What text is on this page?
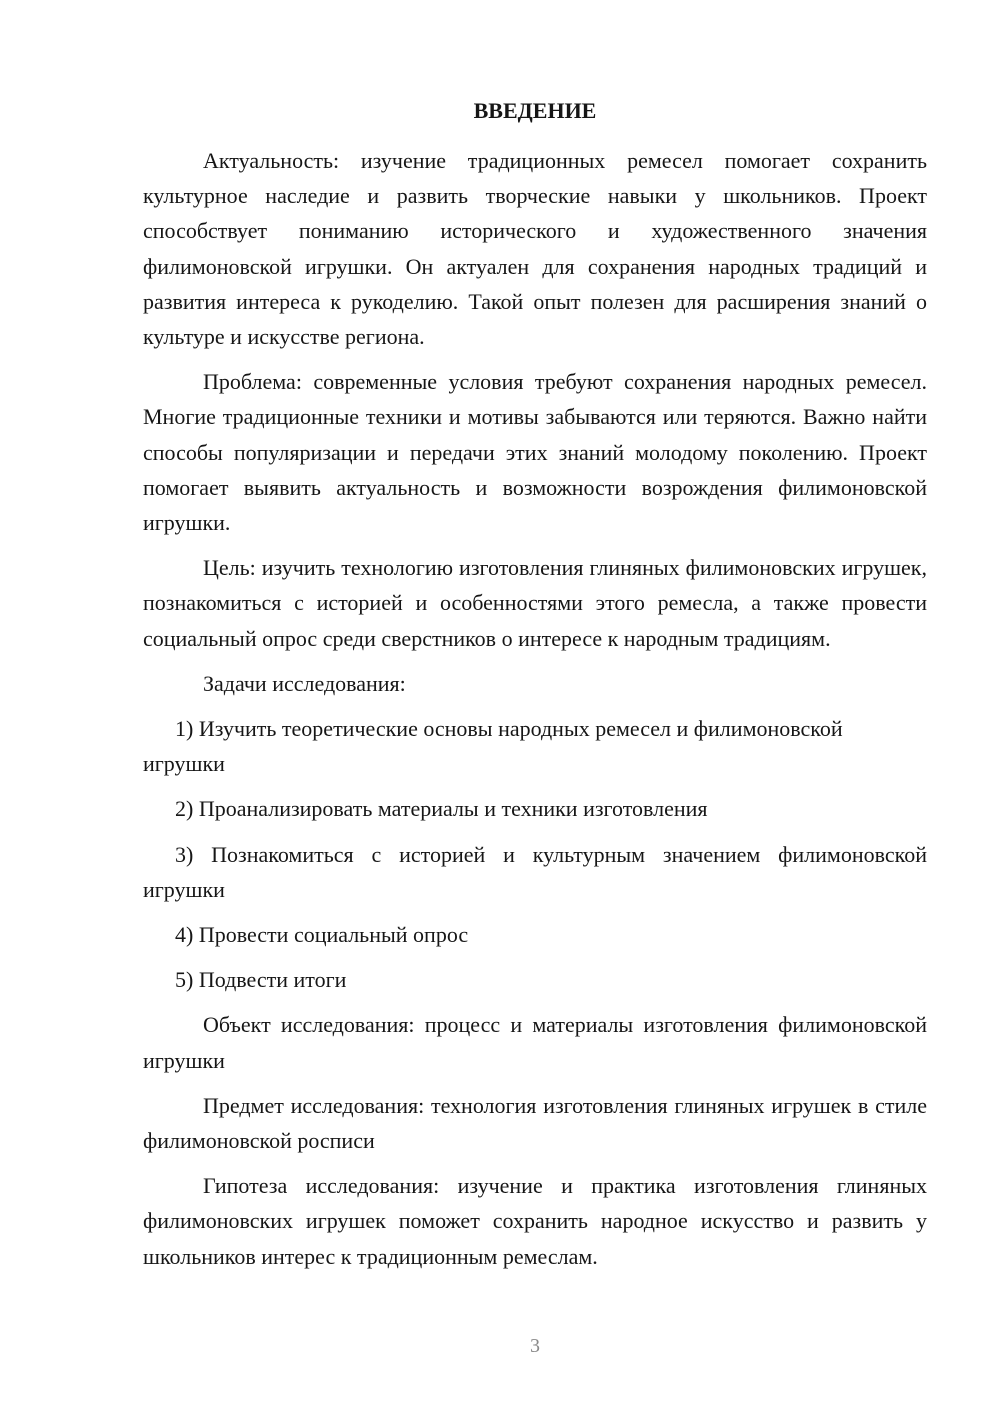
ВВЕДЕНИЕ

Актуальность: изучение традиционных ремесел помогает сохранить культурное наследие и развить творческие навыки у школьников. Проект способствует пониманию исторического и художественного значения филимоновской игрушки. Он актуален для сохранения народных традиций и развития интереса к рукоделию. Такой опыт полезен для расширения знаний о культуре и искусстве региона.

Проблема: современные условия требуют сохранения народных ремесел. Многие традиционные техники и мотивы забываются или теряются. Важно найти способы популяризации и передачи этих знаний молодому поколению. Проект помогает выявить актуальность и возможности возрождения филимоновской игрушки.

Цель: изучить технологию изготовления глиняных филимоновских игрушек, познакомиться с историей и особенностями этого ремесла, а также провести социальный опрос среди сверстников о интересе к народным традициям.

Задачи исследования:

1) Изучить теоретические основы народных ремесел и филимоновской игрушки

2) Проанализировать материалы и техники изготовления

3) Познакомиться с историей и культурным значением филимоновской игрушки

4) Провести социальный опрос

5) Подвести итоги

Объект исследования: процесс и материалы изготовления филимоновской игрушки

Предмет исследования: технология изготовления глиняных игрушек в стиле филимоновской росписи

Гипотеза исследования: изучение и практика изготовления глиняных филимоновских игрушек поможет сохранить народное искусство и развить у школьников интерес к традиционным ремеслам.

3
